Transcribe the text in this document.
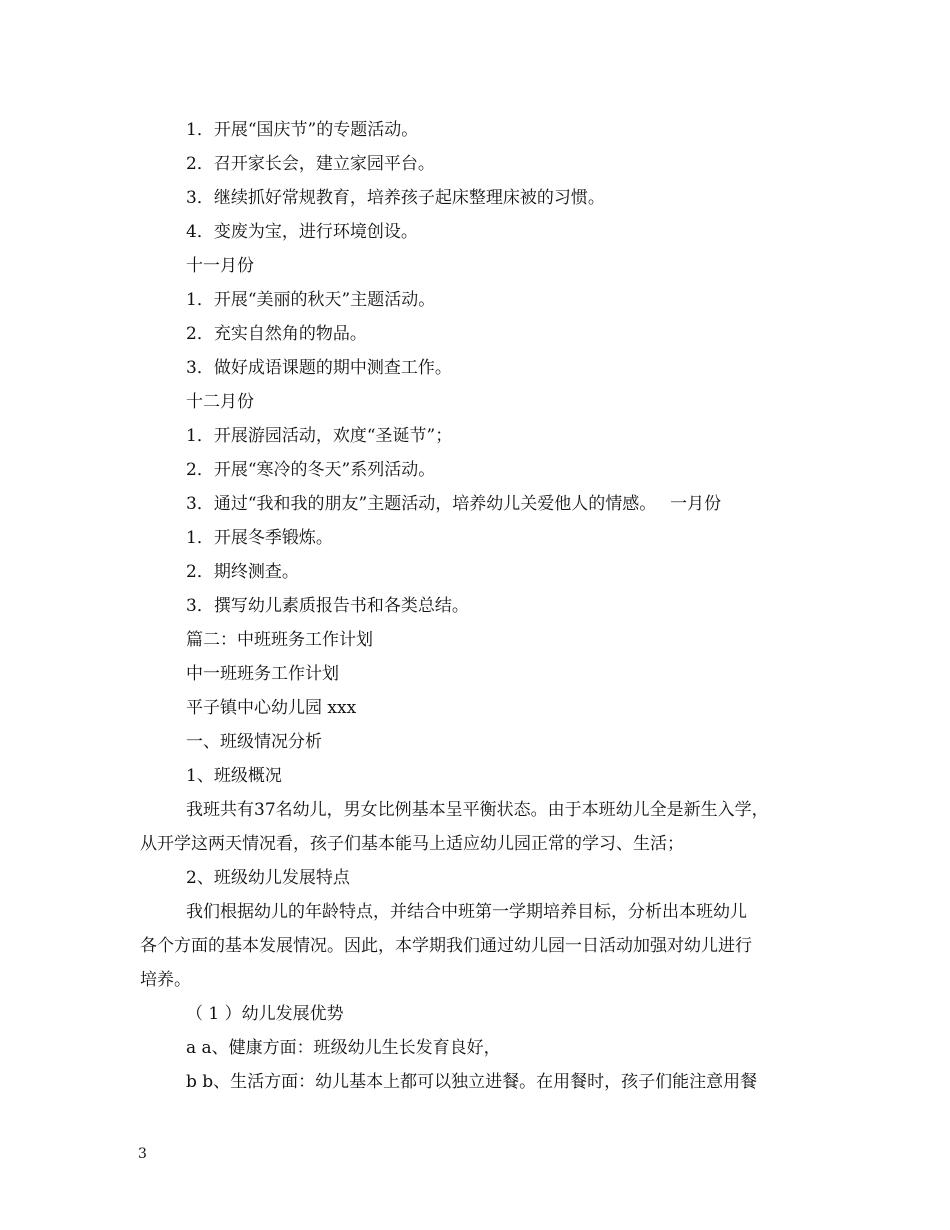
1．开展“国庆节”的专题活动。
2．召开家长会，建立家园平台。
3．继续抓好常规教育，培养孩子起床整理床被的习惯。
4．变废为宝，进行环境创设。
十一月份
1．开展“美丽的秋天”主题活动。
2．充实自然角的物品。
3．做好成语课题的期中测查工作。
十二月份
1．开展游园活动，欢度“圣诞节”；
2．开展“寒冷的冬天”系列活动。
3．通过“我和我的朋友”主题活动，培养幼儿关爱他人的情感。　 一月份
1．开展冬季锻炼。
2．期终测查。
3．撰写幼儿素质报告书和各类总结。
篇二：中班班务工作计划
中一班班务工作计划
平子镇中心幼儿园 xxx
一、班级情况分析
1、班级概况
我班共有37名幼儿，男女比例基本呈平衡状态。由于本班幼儿全是新生入学，
从开学这两天情况看，孩子们基本能马上适应幼儿园正常的学习、生活；
2、班级幼儿发展特点
我们根据幼儿的年龄特点，并结合中班第一学期培养目标，分析出本班幼儿
各个方面的基本发展情况。因此，本学期我们通过幼儿园一日活动加强对幼儿进行
培养。
（ 1 ）幼儿发展优势
a a、健康方面：班级幼儿生长发育良好，
b b、生活方面：幼儿基本上都可以独立进餐。在用餐时，孩子们能注意用餐
3
